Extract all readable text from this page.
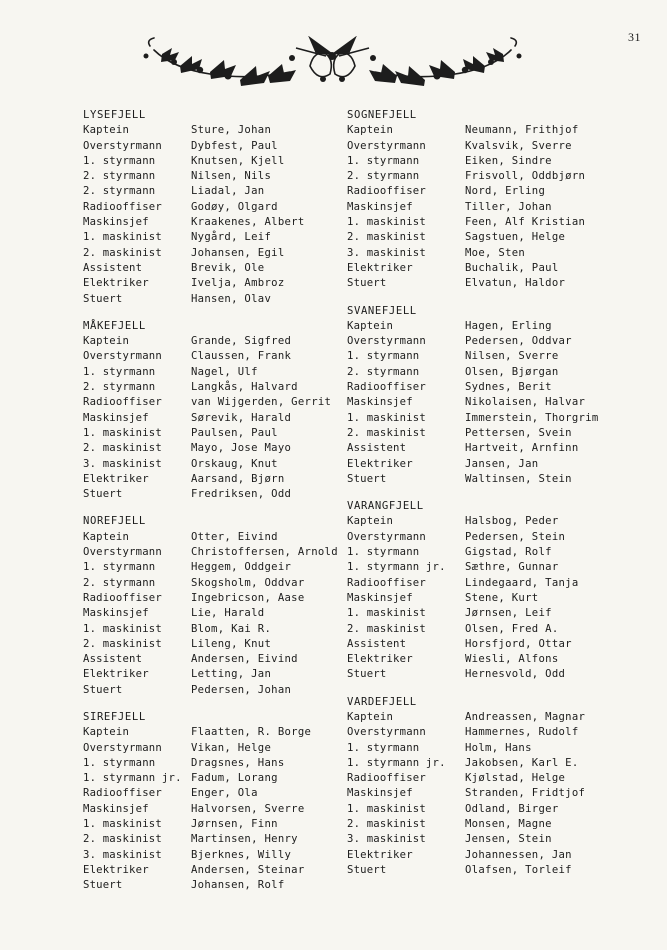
31
LYSEFJELL
Kaptein	Sture, Johan
Overstyrmann	Dybfest, Paul
1. styrmann	Knutsen, Kjell
2. styrmann	Nilsen, Nils
2. styrmann	Liadal, Jan
Radiooffiser	Godøy, Olgard
Maskinsjef	Kraakenes, Albert
1. maskinist	Nygård, Leif
2. maskinist	Johansen, Egil
Assistent	Brevik, Ole
Elektriker	Ivelja, Ambroz
Stuert	Hansen, Olav
MÅKEFJELL
Kaptein	Grande, Sigfred
Overstyrmann	Claussen, Frank
1. styrmann	Nagel, Ulf
2. styrmann	Langkås, Halvard
Radiooffiser	van Wijgerden, Gerrit
Maskinsjef	Sørevik, Harald
1. maskinist	Paulsen, Paul
2. maskinist	Mayo, Jose Mayo
3. maskinist	Orskaug, Knut
Elektriker	Aarsand, Bjørn
Stuert	Fredriksen, Odd
NOREFJELL
Kaptein	Otter, Eivind
Overstyrmann	Christoffersen, Arnold
1. styrmann	Heggem, Oddgeir
2. styrmann	Skogsholm, Oddvar
Radiooffiser	Ingebricson, Aase
Maskinsjef	Lie, Harald
1. maskinist	Blom, Kai R.
2. maskinist	Lileng, Knut
Assistent	Andersen, Eivind
Elektriker	Letting, Jan
Stuert	Pedersen, Johan
SIREFJELL
Kaptein	Flaatten, R. Borge
Overstyrmann	Vikan, Helge
1. styrmann	Dragsnes, Hans
1. styrmann jr. Fadum, Lorang
Radiooffiser	Enger, Ola
Maskinsjef	Halvorsen, Sverre
1. maskinist	Jørnsen, Finn
2. maskinist	Martinsen, Henry
3. maskinist	Bjerknes, Willy
Elektriker	Andersen, Steinar
Stuert	Johansen, Rolf
SOGNEFJELL
Kaptein	Neumann, Frithjof
Overstyrmann	Kvalsvik, Sverre
1. styrmann	Eiken, Sindre
2. styrmann	Frisvoll, Oddbjørn
Radiooffiser	Nord, Erling
Maskinsjef	Tiller, Johan
1. maskinist	Feen, Alf Kristian
2. maskinist	Sagstuen, Helge
3. maskinist	Moe, Sten
Elektriker	Buchalik, Paul
Stuert	Elvatun, Haldor
SVANEFJELL
Kaptein	Hagen, Erling
Overstyrmann	Pedersen, Oddvar
1. styrmann	Nilsen, Sverre
2. styrmann	Olsen, Bjørgan
Radiooffiser	Sydnes, Berit
Maskinsjef	Nikolaisen, Halvar
1. maskinist	Immerstein, Thorgrim
2. maskinist	Pettersen, Svein
Assistent	Hartveit, Arnfinn
Elektriker	Jansen, Jan
Stuert	Waltinsen, Stein
VARANGFJELL
Kaptein	Halsbog, Peder
Overstyrmann	Pedersen, Stein
1. styrmann	Gigstad, Rolf
1. styrmann jr.	Sæthre, Gunnar
Radiooffiser	Lindegaard, Tanja
Maskinsjef	Stene, Kurt
1. maskinist	Jørnsen, Leif
2. maskinist	Olsen, Fred A.
Assistent	Horsfjord, Ottar
Elektriker	Wiesli, Alfons
Stuert	Hernesvold, Odd
VARDEFJELL
Kaptein	Andreassen, Magnar
Overstyrmann	Hammernes, Rudolf
1. styrmann	Holm, Hans
1. styrmann jr.	Jakobsen, Karl E.
Radiooffiser	Kjølstad, Helge
Maskinsjef	Stranden, Fridtjof
1. maskinist	Odland, Birger
2. maskinist	Monsen, Magne
3. maskinist	Jensen, Stein
Elektriker	Johannessen, Jan
Stuert	Olafsen, Torleif
